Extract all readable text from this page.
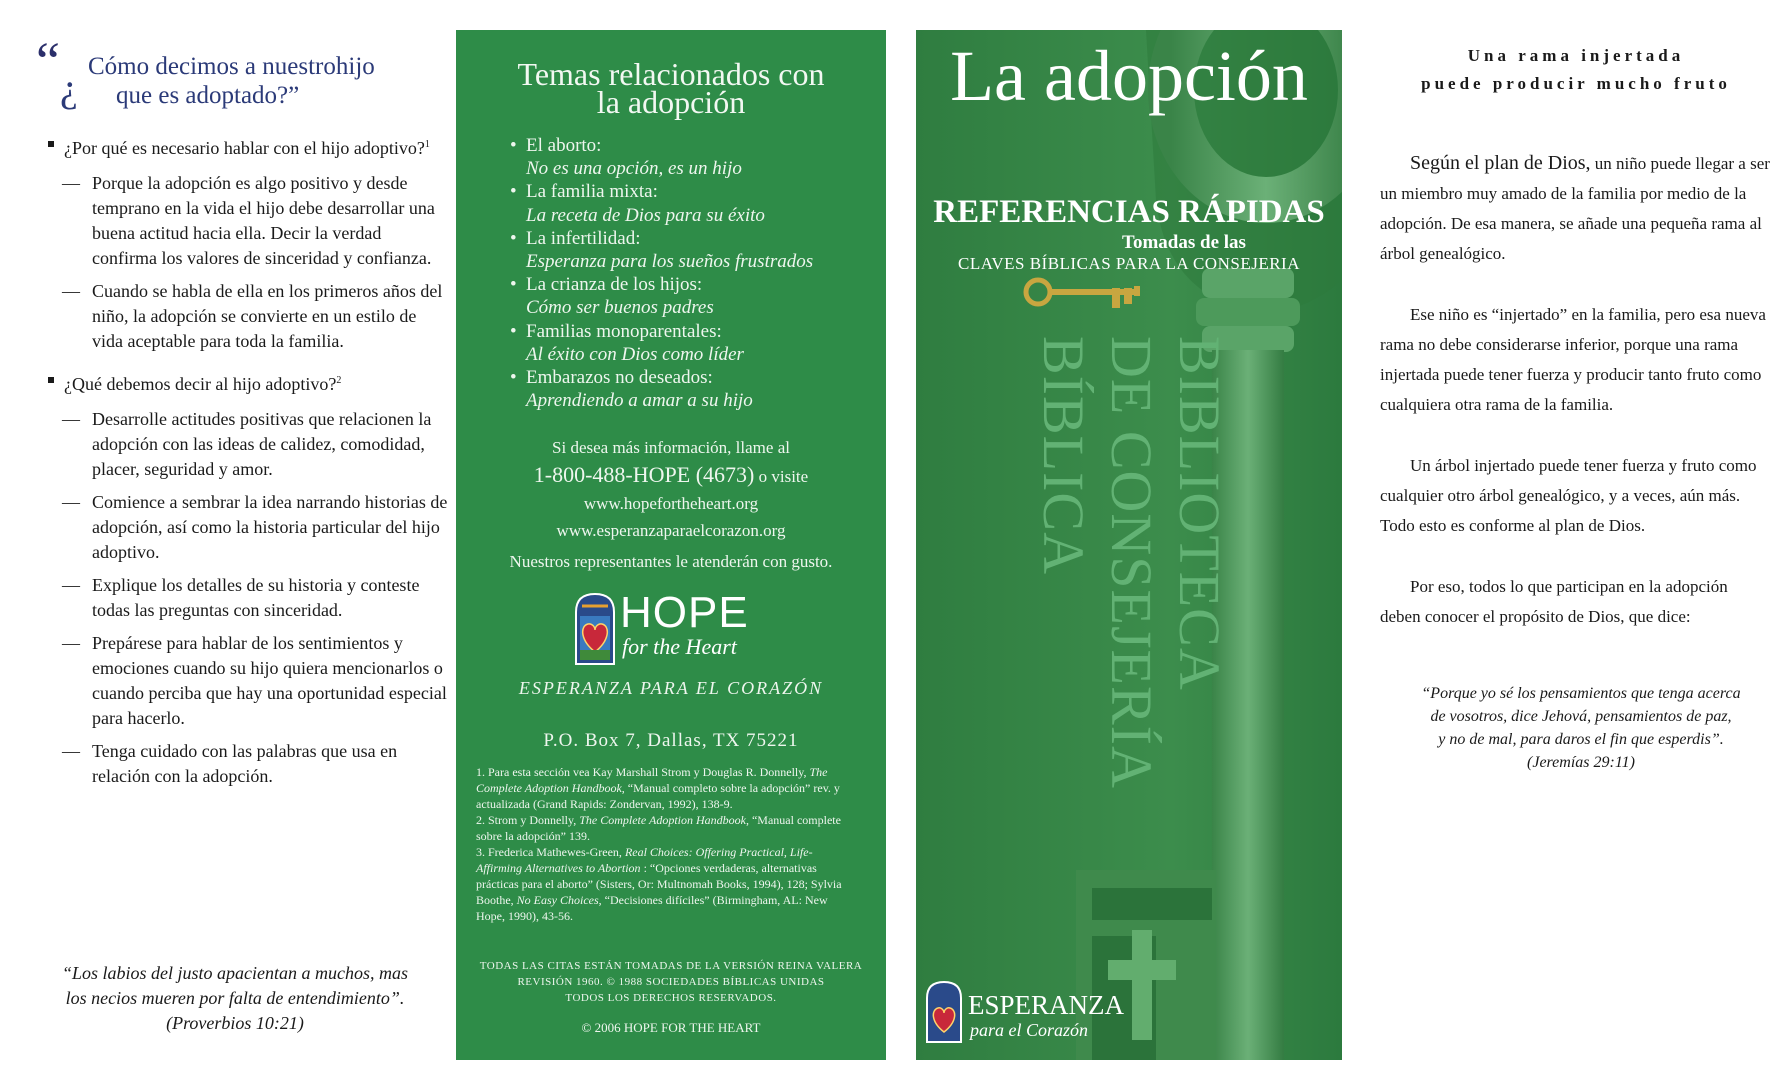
“ ¿ Cómo decimos a nuestrohijo
que es adoptado?”
¿Por qué es necesario hablar con el hijo adoptivo?$^1$
— Porque la adopción es algo positivo y desde temprano en la vida el hijo debe desarrollar una buena actitud hacia ella. Decir la verdad confirma los valores de sinceridad y confianza.
— Cuando se habla de ella en los primeros años del niño, la adopción se convierte en un estilo de vida aceptable para toda la familia.
¿Qué debemos decir al hijo adoptivo?$^2$
— Desarrolle actitudes positivas que relacionen la adopción con las ideas de calidez, comodidad, placer, seguridad y amor.
— Comience a sembrar la idea narrando historias de adopción, así como la historia particular del hijo adoptivo.
— Explique los detalles de su historia y conteste todas las preguntas con sinceridad.
— Prepárese para hablar de los sentimientos y emociones cuando su hijo quiera mencionarlos o cuando perciba que hay una oportunidad especial para hacerlo.
— Tenga cuidado con las palabras que usa en relación con la adopción.
“Los labios del justo apacientan a muchos, mas
los necios mueren por falta de entendimiento”.
(Proverbios 10:21)
Temas relacionados con
la adopción
• El aborto:
No es una opción, es un hijo
• La familia mixta:
La receta de Dios para su éxito
• La infertilidad:
Esperanza para los sueños frustrados
• La crianza de los hijos:
Cómo ser buenos padres
• Familias monoparentales:
Al éxito con Dios como líder
• Embarazos no deseados:
Aprendiendo a amar a su hijo
Si desea más información, llame al
1-800-488-HOPE (4673) o visite
www.hopefortheheart.org
www.esperanzaparaelcorazon.org
Nuestros representantes le atenderán con gusto.
HOPE
for the Heart
ESPERANZA PARA EL CORAZÓN
P.O. Box 7, Dallas, TX 75221
1. Para esta sección vea Kay Marshall Strom y Douglas R. Donnelly, The Complete Adoption Handbook, “Manual completo sobre la adopción” rev. y actualizada (Grand Rapids: Zondervan, 1992), 138-9.
2. Strom y Donnelly, The Complete Adoption Handbook, “Manual complete sobre la adopción” 139.
3. Frederica Mathewes-Green, Real Choices: Offering Practical, Life-Affirming Alternatives to Abortion : “Opciones verdaderas, alternativas prácticas para el aborto” (Sisters, Or: Multnomah Books, 1994), 128; Sylvia Boothe, No Easy Choices, “Decisiones difíciles” (Birmingham, AL: New Hope, 1990), 43-56.
TODAS LAS CITAS ESTÁN TOMADAS DE LA VERSIÓN REINA VALERA
REVISIÓN 1960. © 1988 SOCIEDADES BÍBLICAS UNIDAS
TODOS LOS DERECHOS RESERVADOS.
© 2006 HOPE FOR THE HEART
La adopción
REFERENCIAS RÁPIDAS
Tomadas de las
CLAVES BÍBLICAS PARA LA CONSEJERIA
BIBLIOTECA
DE CONSEJERÍA
BÍBLICA
ESPERANZA
para el Corazón
Una rama injertada
puede producir mucho fruto

Según el plan de Dios, un niño puede llegar a ser un miembro muy amado de la familia por medio de la adopción. De esa manera, se añade una pequeña rama al árbol genealógico.

Ese niño es “injertado” en la familia, pero esa nueva rama no debe considerarse inferior, porque una rama injertada puede tener fuerza y producir tanto fruto como cualquiera otra rama de la familia.

Un árbol injertado puede tener fuerza y fruto como cualquier otro árbol genealógico, y a veces, aún más. Todo esto es conforme al plan de Dios.

Por eso, todos lo que participan en la adopción deben conocer el propósito de Dios, que dice:

“Porque yo sé los pensamientos que tenga acerca
de vosotros, dice Jehová, pensamientos de paz,
y no de mal, para daros el fin que esperdis”.
(Jeremías 29:11)
